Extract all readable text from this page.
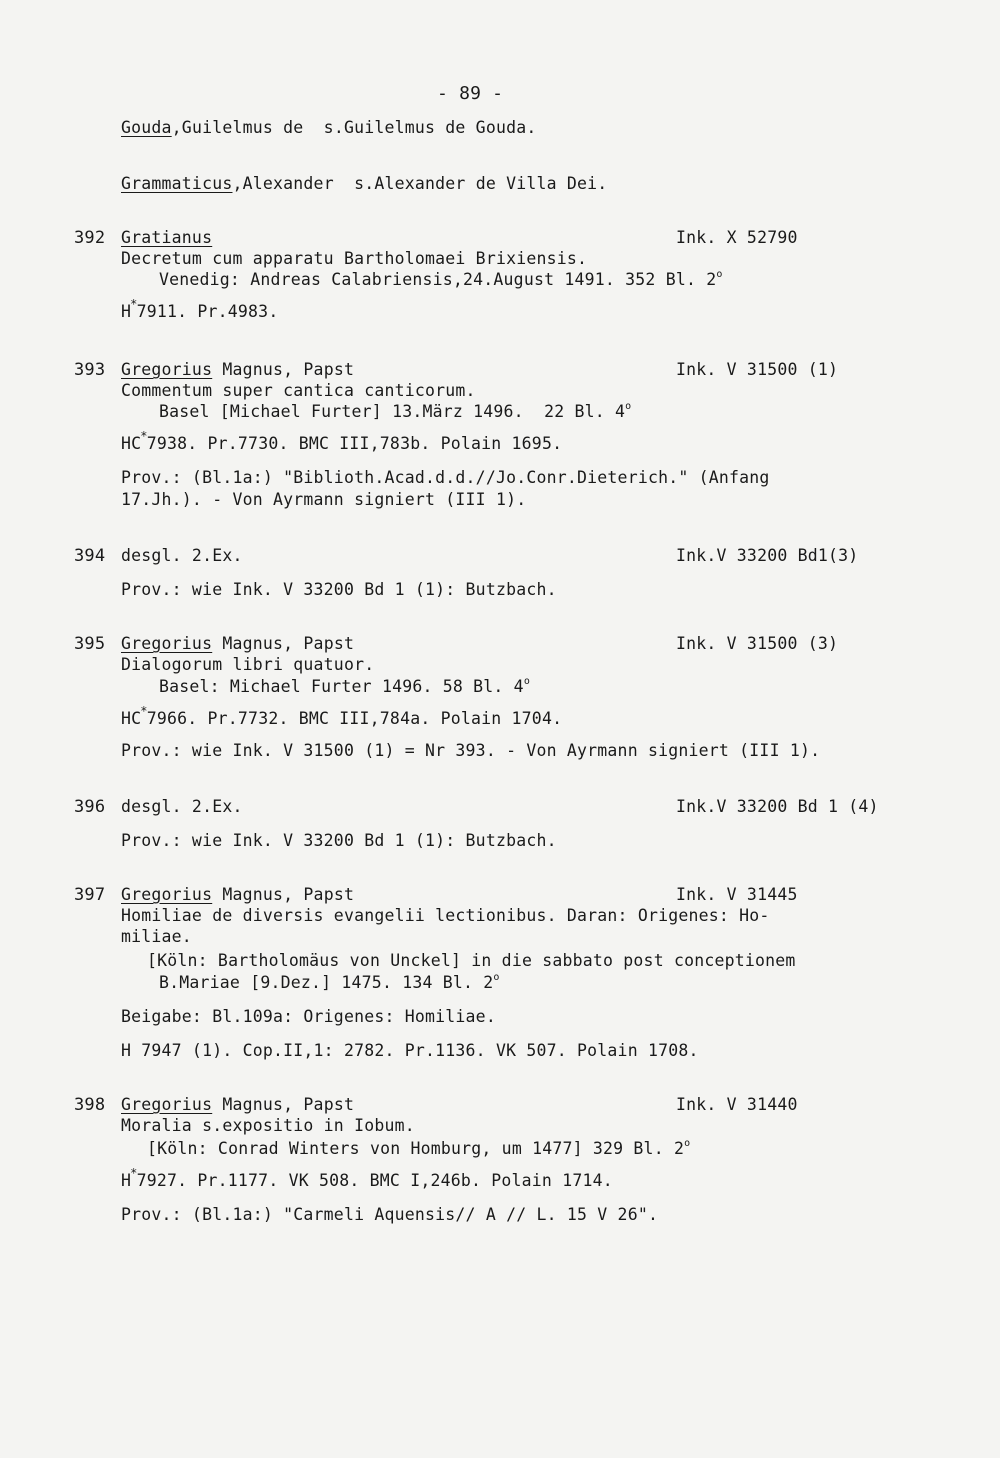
- 89 -
Gouda,Guilelmus de  s.Guilelmus de Gouda.
Grammaticus,Alexander  s.Alexander de Villa Dei.
392 Gratianus	Ink. X 52790
Decretum cum apparatu Bartholomaei Brixiensis.
Venedig: Andreas Calabriensis,24.August 1491. 352 Bl. 2$^o$
H*7911. Pr.4983.
393 Gregorius Magnus, Papst	Ink. V 31500 (1)
Commentum super cantica canticorum.
Basel [Michael Furter] 13.März 1496.  22 Bl. 4$^o$
HC*7938. Pr.7730. BMC III,783b. Polain 1695.
Prov.: (Bl.1a:) "Biblioth.Acad.d.d.//Jo.Conr.Dieterich." (Anfang
17.Jh.). - Von Ayrmann signiert (III 1).
394 desgl. 2.Ex.	Ink.V 33200 Bd1(3)
Prov.: wie Ink. V 33200 Bd 1 (1): Butzbach.
395 Gregorius Magnus, Papst	Ink. V 31500 (3)
Dialogorum libri quatuor.
Basel: Michael Furter 1496. 58 Bl. 4$^o$
HC*7966. Pr.7732. BMC III,784a. Polain 1704.
Prov.: wie Ink. V 31500 (1) = Nr 393. - Von Ayrmann signiert (III 1).
396 desgl. 2.Ex.	Ink.V 33200 Bd 1 (4)
Prov.: wie Ink. V 33200 Bd 1 (1): Butzbach.
397 Gregorius Magnus, Papst	Ink. V 31445
Homiliae de diversis evangelii lectionibus. Daran: Origenes: Ho-
miliae.
[Köln: Bartholomäus von Unckel] in die sabbato post conceptionem
B.Mariae [9.Dez.] 1475. 134 Bl. 2$^o$
Beigabe: Bl.109a: Origenes: Homiliae.
H 7947 (1). Cop.II,1: 2782. Pr.1136. VK 507. Polain 1708.
398 Gregorius Magnus, Papst	Ink. V 31440
Moralia s.expositio in Iobum.
[Köln: Conrad Winters von Homburg, um 1477] 329 Bl. 2$^o$
H*7927. Pr.1177. VK 508. BMC I,246b. Polain 1714.
Prov.: (Bl.1a:) "Carmeli Aquensis// A // L. 15 V 26".
